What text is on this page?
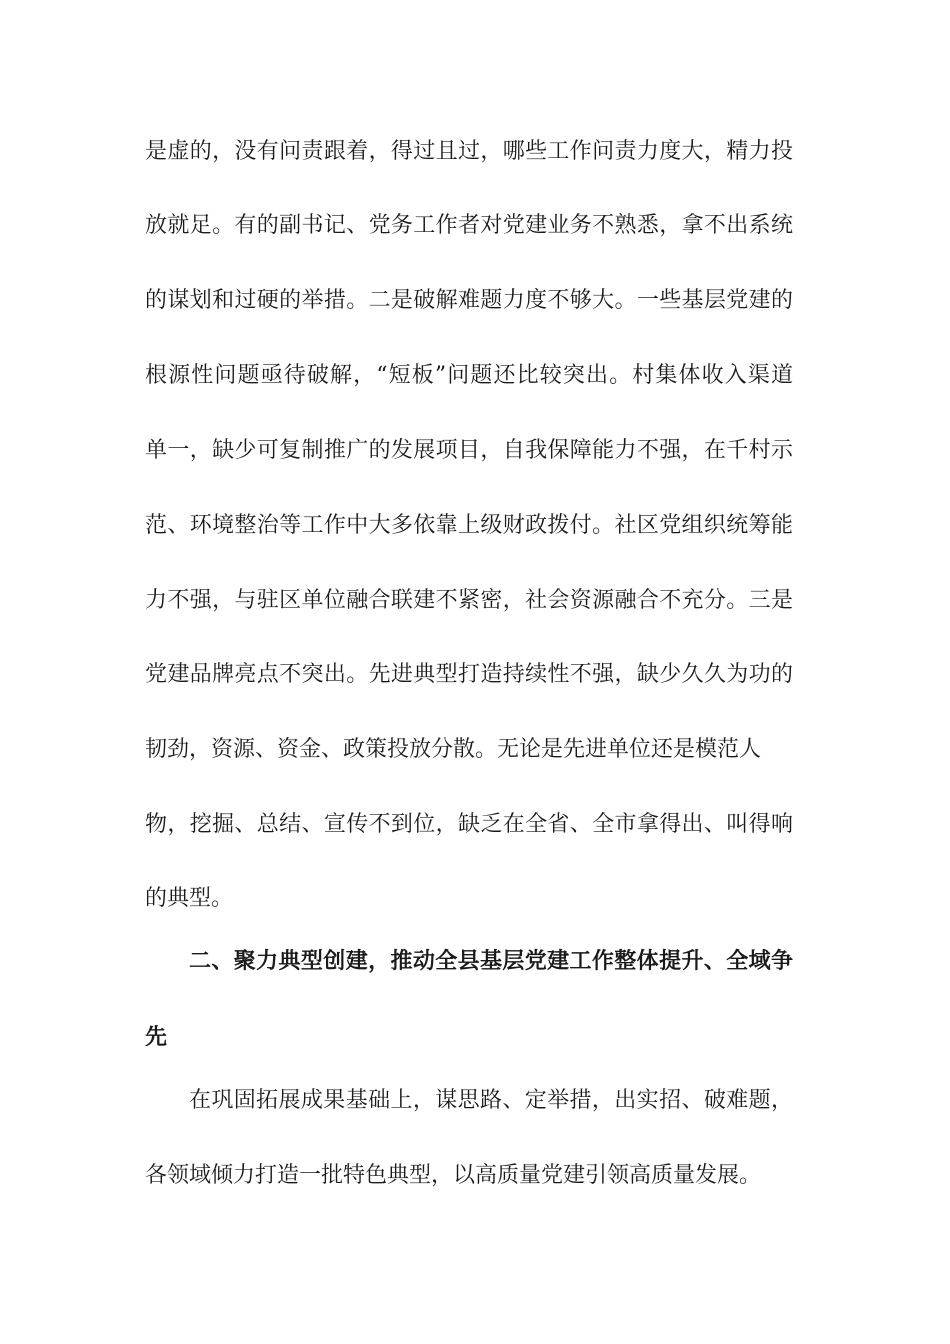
是虚的，没有问责跟着，得过且过，哪些工作问责力度大，精力投
放就足。有的副书记、党务工作者对党建业务不熟悉，拿不出系统
的谋划和过硬的举措。二是破解难题力度不够大。一些基层党建的
根源性问题亟待破解，“短板”问题还比较突出。村集体收入渠道
单一，缺少可复制推广的发展项目，自我保障能力不强，在千村示
范、环境整治等工作中大多依靠上级财政拨付。社区党组织统筹能
力不强，与驻区单位融合联建不紧密，社会资源融合不充分。三是
党建品牌亮点不突出。先进典型打造持续性不强，缺少久久为功的
韧劲，资源、资金、政策投放分散。无论是先进单位还是模范人
物，挖掘、总结、宣传不到位，缺乏在全省、全市拿得出、叫得响
的典型。
二、聚力典型创建，推动全县基层党建工作整体提升、全域争
先
在巩固拓展成果基础上，谋思路、定举措，出实招、破难题，
各领域倾力打造一批特色典型，以高质量党建引领高质量发展。
